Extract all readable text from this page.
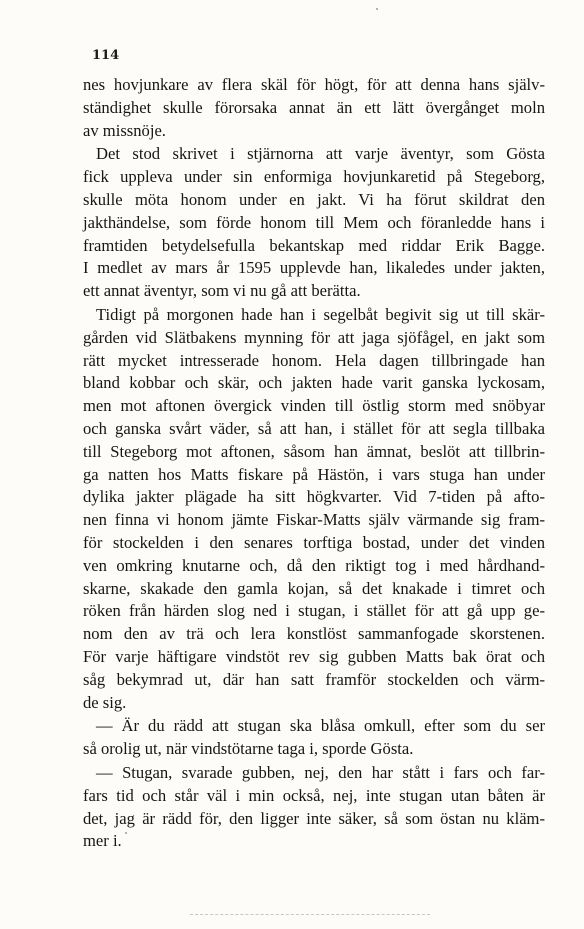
114
nes hovjunkare av flera skäl för högt, för att denna hans själv-
ständighet skulle förorsaka annat än ett lätt övergånget moln
av missnöje.
Det stod skrivet i stjärnorna att varje äventyr, som Gösta
fick uppleva under sin enformiga hovjunkaretid på Stegeborg,
skulle möta honom under en jakt. Vi ha förut skildrat den
jakthändelse, som förde honom till Mem och föranledde hans i
framtiden betydelsefulla bekantskap med riddar Erik Bagge.
I medlet av mars år 1595 upplevde han, likaledes under jakten,
ett annat äventyr, som vi nu gå att berätta.
Tidigt på morgonen hade han i segelbåt begivit sig ut till skär-
gården vid Slätbakens mynning för att jaga sjöfågel, en jakt som
rätt mycket intresserade honom. Hela dagen tillbringade han
bland kobbar och skär, och jakten hade varit ganska lyckosam,
men mot aftonen övergick vinden till östlig storm med snöbyar
och ganska svårt väder, så att han, i stället för att segla tillbaka
till Stegeborg mot aftonen, såsom han ämnat, beslöt att tillbrin-
ga natten hos Matts fiskare på Hästön, i vars stuga han under
dylika jakter plägade ha sitt högkvarter. Vid 7-tiden på afto-
nen finna vi honom jämte Fiskar-Matts själv värmande sig fram-
för stockelden i den senares torftiga bostad, under det vinden
ven omkring knutarne och, då den riktigt tog i med hårdhand-
skarne, skakade den gamla kojan, så det knakade i timret och
röken från härden slog ned i stugan, i stället för att gå upp ge-
nom den av trä och lera konstlöst sammanfogade skorstenen.
För varje häftigare vindstöt rev sig gubben Matts bak örat och
såg bekymrad ut, där han satt framför stockelden och värm-
de sig.
— Är du rädd att stugan ska blåsa omkull, efter som du ser
så orolig ut, när vindstötarne taga i, sporde Gösta.
— Stugan, svarade gubben, nej, den har stått i fars och far-
fars tid och står väl i min också, nej, inte stugan utan båten är
det, jag är rädd för, den ligger inte säker, så som östan nu kläm-
mer i.
